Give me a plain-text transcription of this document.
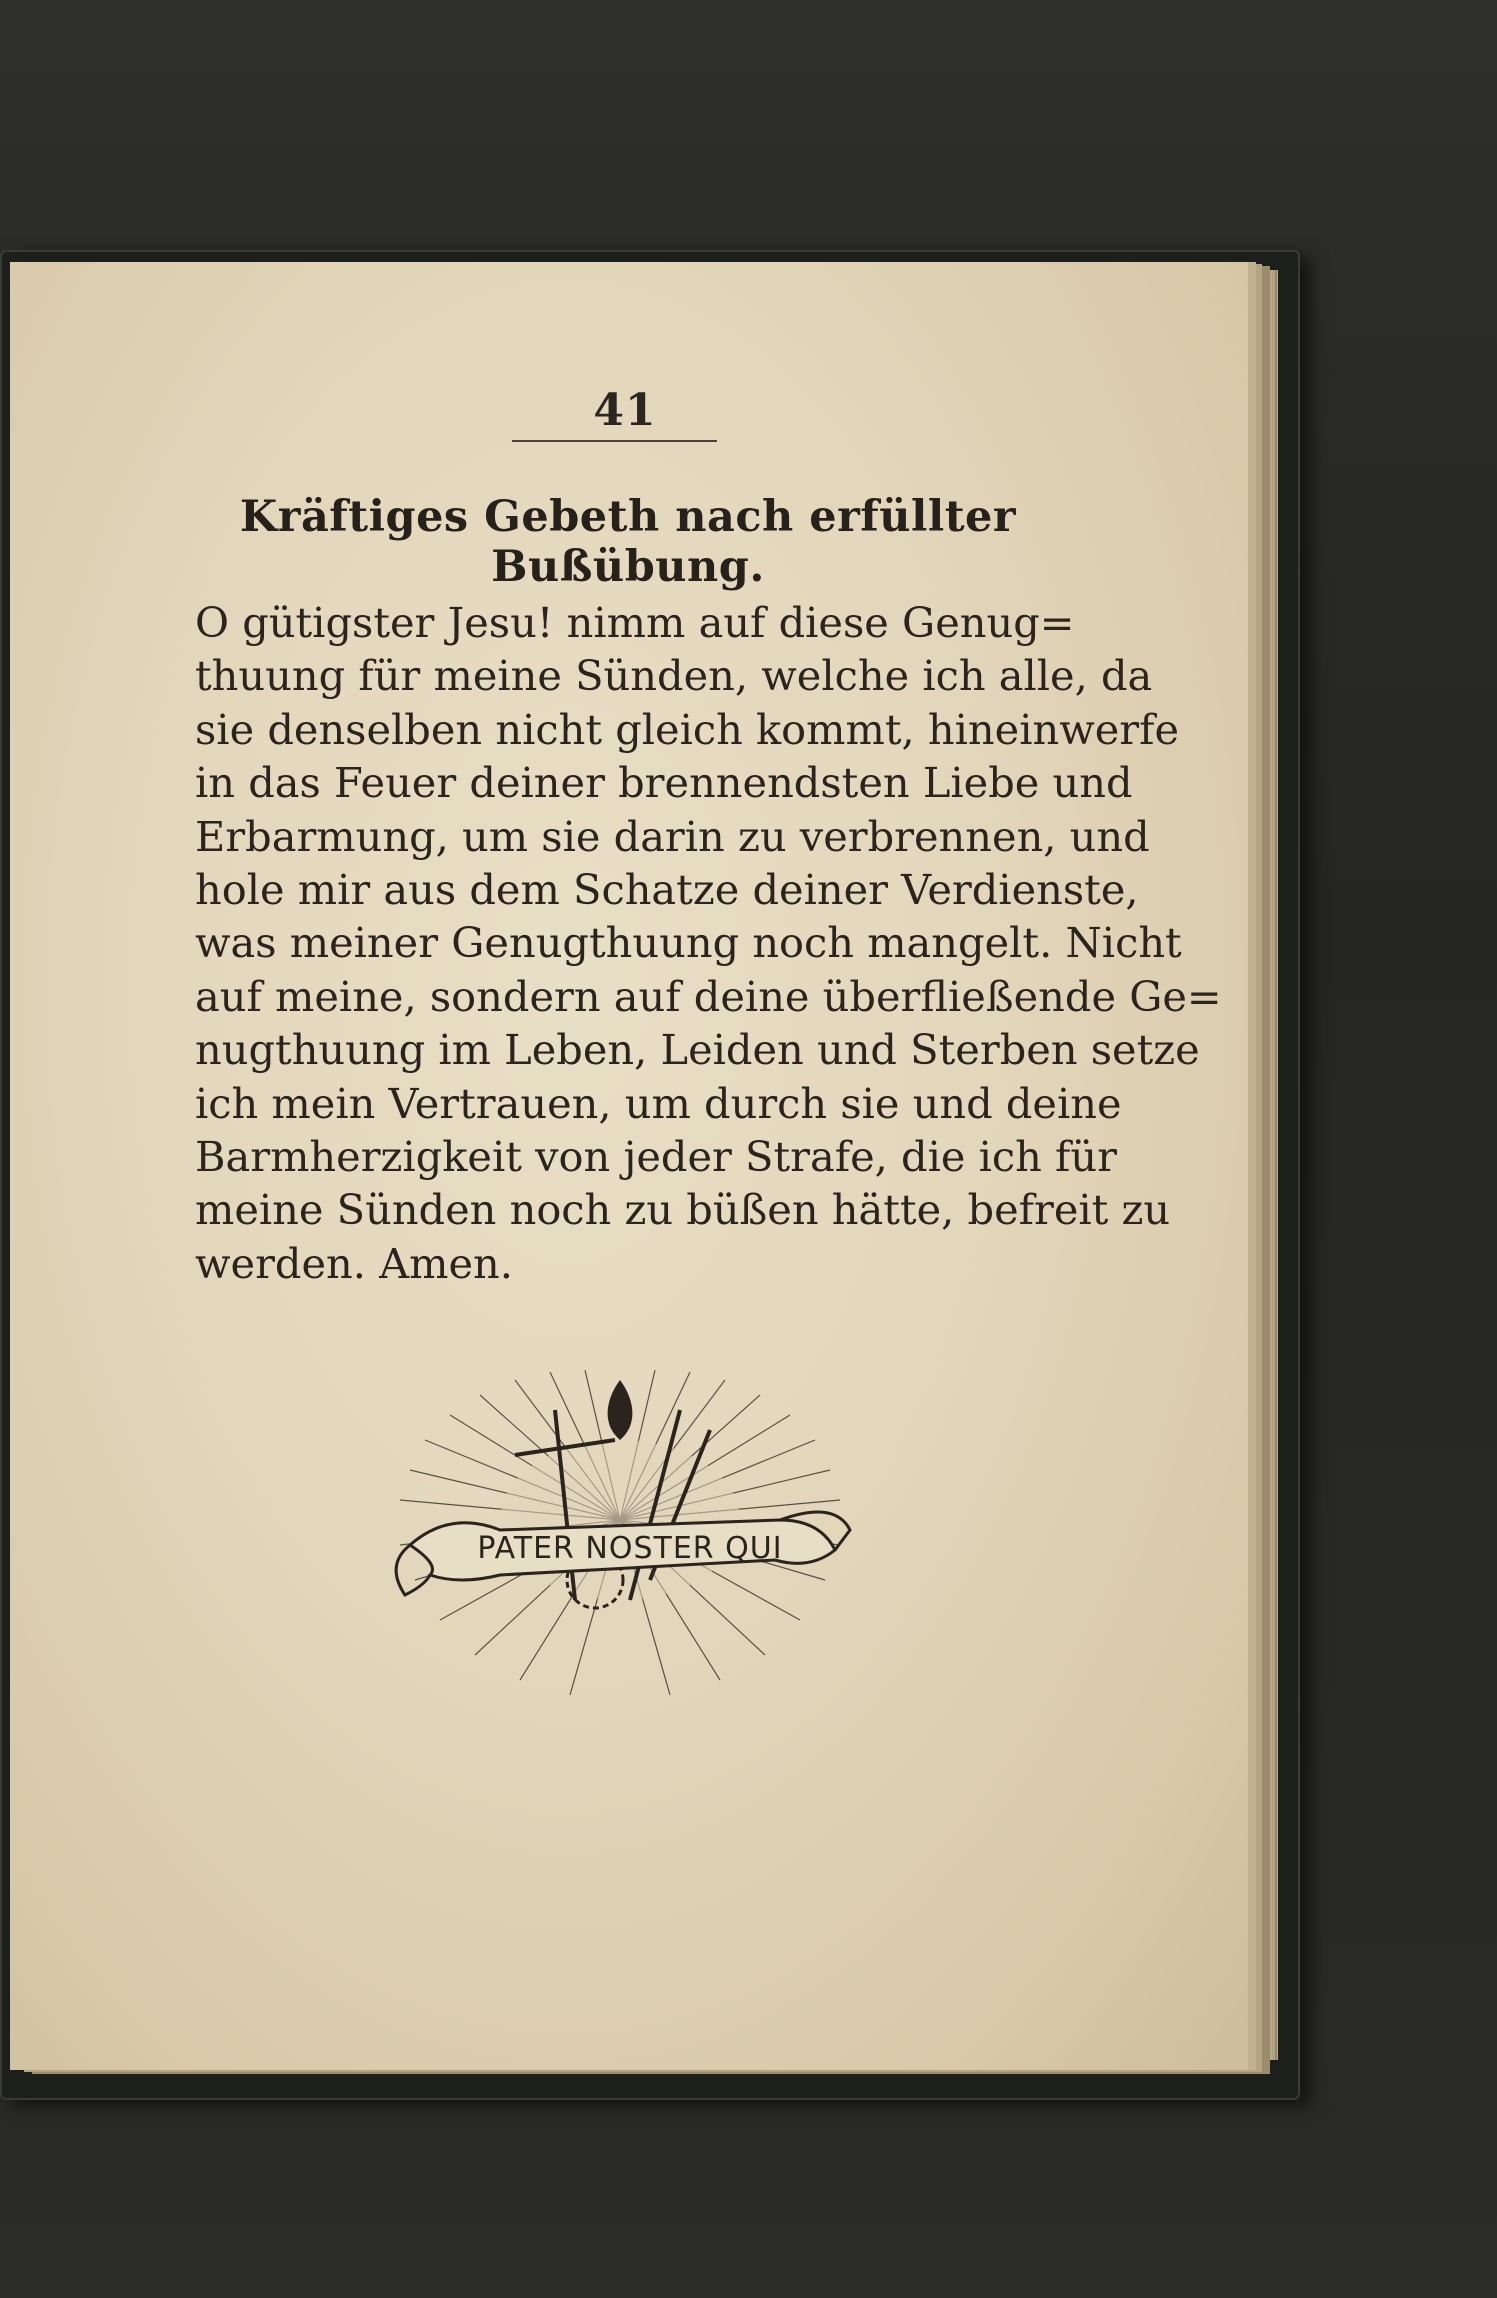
41
Kräftiges Gebeth nach erfüllter Bußübung.
O gütigster Jesu! nimm auf diese Genug=
thuung für meine Sünden, welche ich alle, da
sie denselben nicht gleich kommt, hineinwerfe
in das Feuer deiner brennendsten Liebe und
Erbarmung, um sie darin zu verbrennen, und
hole mir aus dem Schatze deiner Verdienste,
was meiner Genugthuung noch mangelt. Nicht
auf meine, sondern auf deine überfließende Ge=
nugthuung im Leben, Leiden und Sterben setze
ich mein Vertrauen, um durch sie und deine
Barmherzigkeit von jeder Strafe, die ich für
meine Sünden noch zu büßen hätte, befreit zu
werden. Amen.
PATER NOSTER QUI
